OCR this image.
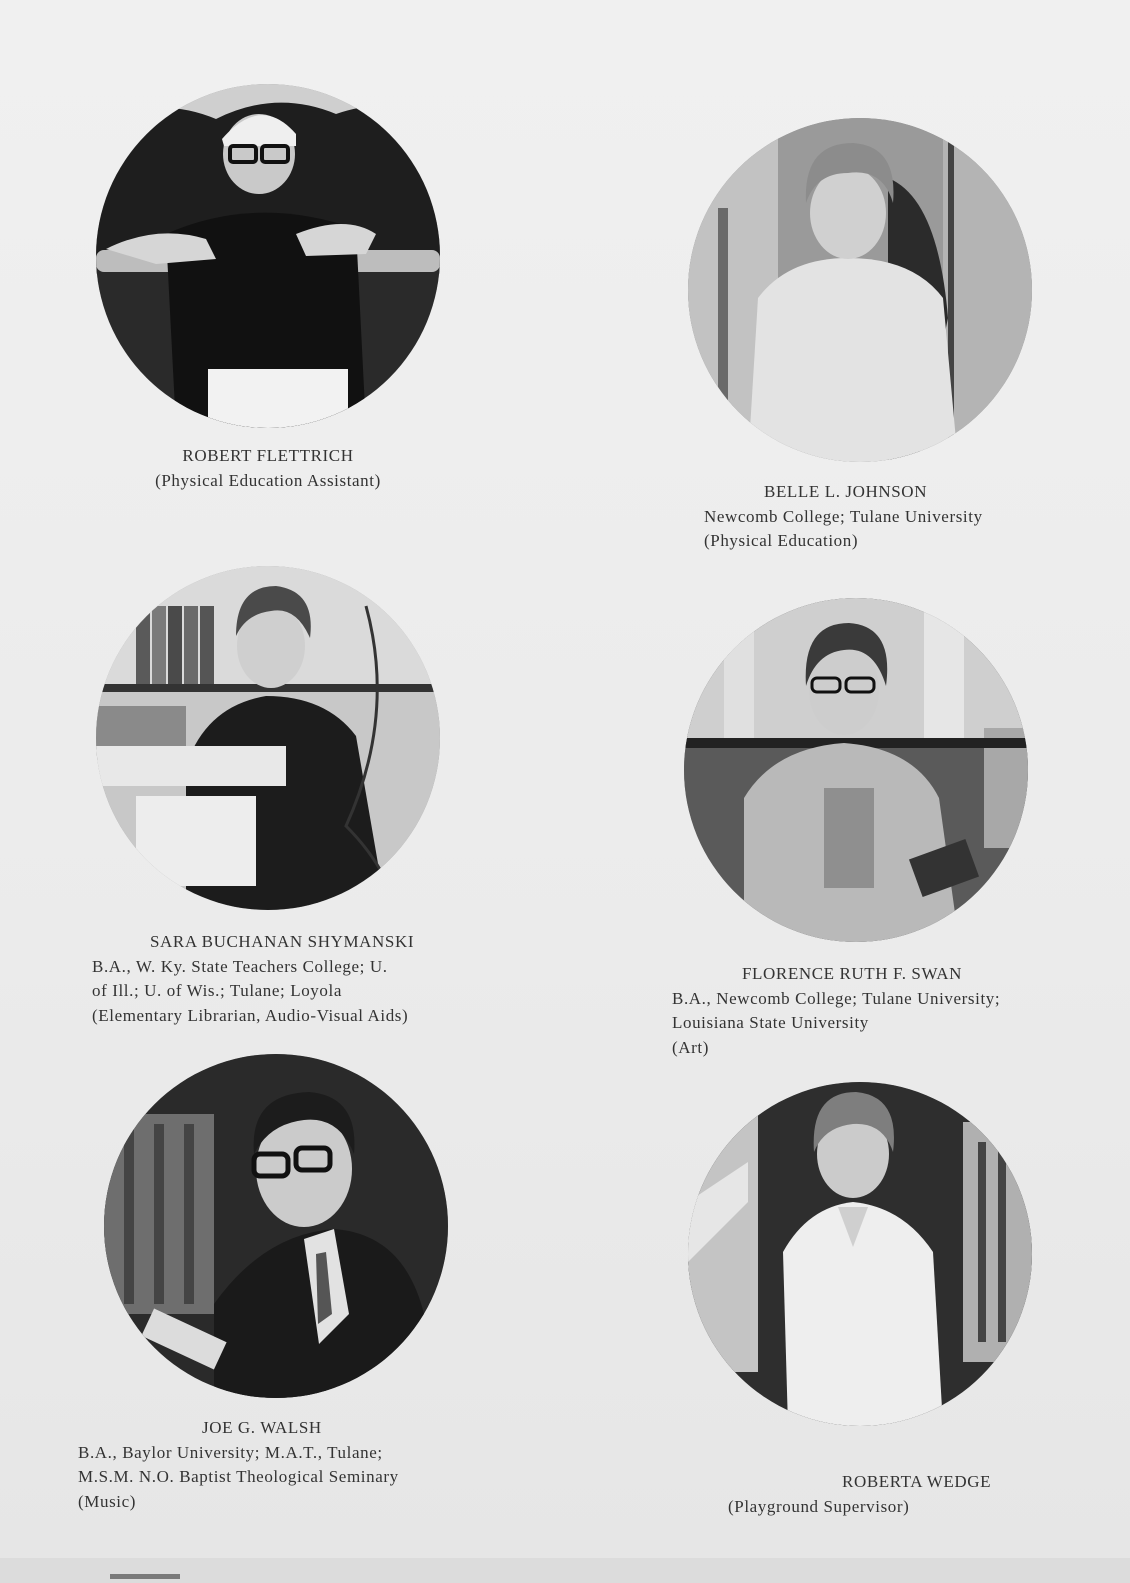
ROBERT FLETTRICH
(Physical Education Assistant)
BELLE L. JOHNSON
Newcomb College; Tulane University
(Physical Education)
SARA BUCHANAN SHYMANSKI
B.A., W. Ky. State Teachers College; U.
of Ill.; U. of Wis.; Tulane; Loyola
(Elementary Librarian, Audio-Visual Aids)
FLORENCE RUTH F. SWAN
B.A., Newcomb College; Tulane University;
Louisiana State University
(Art)
JOE G. WALSH
B.A., Baylor University; M.A.T., Tulane;
M.S.M. N.O. Baptist Theological Seminary
(Music)
ROBERTA WEDGE
(Playground Supervisor)
